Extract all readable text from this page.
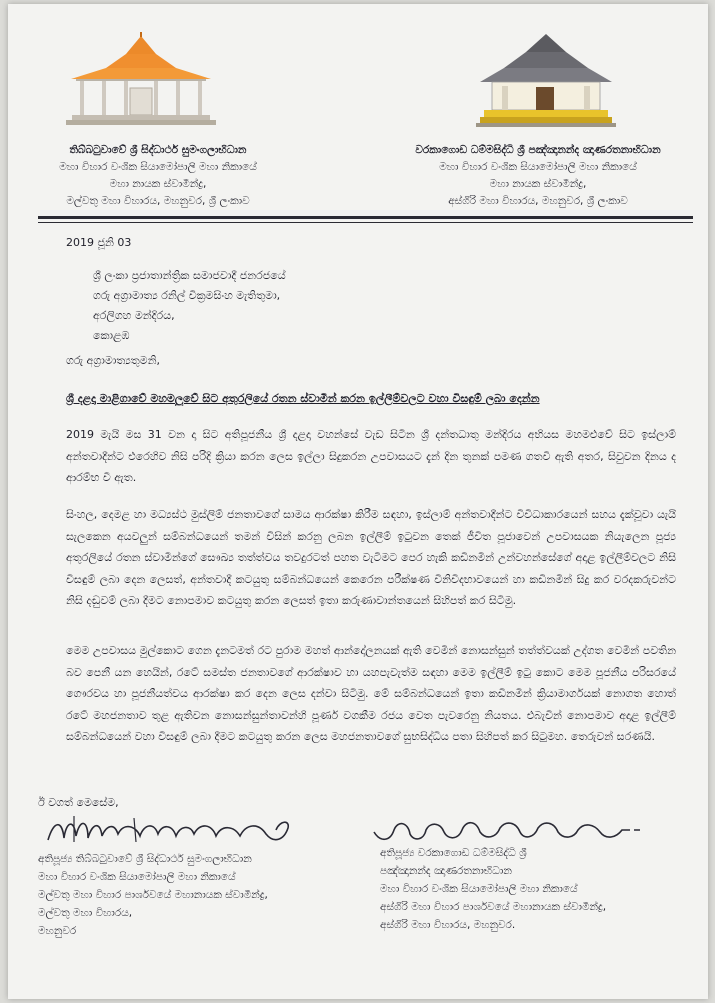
තිබ්බටුවාවේ ශ්‍රී සිද්ධාර්ථ සුමංගලාභිධාන
මහා විහාර වංශික සියාමෝපාලි මහා නිකායේ
මහා නායක ස්වාමීන්ද්‍ර,
මල්වතු මහා විහාරය, මහනුවර, ශ්‍රී ලංකාව
වරකාගොඩ ධම්මසිද්ධි ශ්‍රී පඤ්ඤානන්ද ඤාණරතනාභිධාන
මහා විහාර වංශික සියාමෝපාලි මහා නිකායේ
මහා නායක ස්වාමීන්ද්‍ර,
අස්ගිරි මහා විහාරය, මහනුවර, ශ්‍රී ලංකාව
2019 ජූනි 03
ශ්‍රී ලංකා ප්‍රජාතාන්ත්‍රික සමාජවාදී ජනරජයේ
ගරු අග්‍රාමාත්‍ය රනිල් වික්‍රමසිංහ මැතිතුමා,
අරලිගහ මන්දිරය,
කොළඹ
ගරු අග්‍රාමාත්‍යතුමනි,
ශ්‍රී දළදා මාළිගාවේ මහමලුවේ සිට අතුරලියේ රතන ස්වාමීන් කරන ඉල්ලීම්වලට වහා විසඳුම් ලබා දෙන්න
2019 මැයි මස 31 වන දා සිට අතිපූජනීය ශ්‍රී දළදා වහන්සේ වැඩ සිටින ශ්‍රී දන්තධාතු මන්දිරය අභියස මහමළුවේ සිට ඉස්ලාම් අන්තවාදීන්ට එරෙහිව නිසි පරිදි ක්‍රියා කරන ලෙස ඉල්ලා සිදුකරන උපවාසයට දැන් දින තුනක් පමණ ගතවී ඇති අතර, සිවුවන දිනය ද ආරම්භ වී ඇත.
සිංහල, දෙමළ හා මධ්‍යස්ථ මුස්ලිම් ජනතාවගේ සාමය ආරක්ෂා කිරීම සඳහා, ඉස්ලාම් අන්තවාදීන්ට විවිධාකාරයෙන් සහය දැක්වූවා යැයි සැලකෙන අයවලුන් සම්බන්ධයෙන් තමන් විසින් කරනු ලබන ඉල්ලීම් ඉටුවන තෙක් ජීවිත පූජාවෙන් උපවාසයක නියැලෙන පූජ්‍ය අතුරලියේ රතන ස්වාමීන්ගේ සෞඛ්‍ය තත්ත්වය තවදුරටත් පහත වැටීමට පෙර හැකි කඩිනමින් උන්වහන්සේගේ අදාළ ඉල්ලීම්වලට නිසි විසඳුම් ලබා දෙන ලෙසත්, අන්තවාදී කටයුතු සම්බන්ධයෙන් කෙරෙන පරීක්ෂණ විනිවිදභාවයෙන් හා කඩිනමින් සිදු කර වරදකරුවන්ට නිසි දඬුවම් ලබා දීමට නොපමාව කටයුතු කරන ලෙසත් ඉතා කරුණාවාන්තයෙන් සිහිපත් කර සිටිමු.
මෙම උපවාසය මුල්කොට ගෙන දැනටමත් රට පුරාම මහත් ආන්දෝලනයක් ඇති වෙමින් නොසන්සුන් තත්ත්වයක් උද්ගත වෙමින් පවතින බව පෙනී යන හෙයින්, රටේ සමස්ත ජනතාවගේ ආරක්ෂාව හා යහපැවැත්ම සඳහා මෙම ඉල්ලීම් ඉටු කොට මෙම පූජනීය පරිසරයේ ගෞරවය හා පූජනීයත්වය ආරක්ෂා කර දෙන ලෙස දන්වා සිටිමු. මේ සම්බන්ධයෙන් ඉතා කඩිනමින් ක්‍රියාමාර්ගයක් නොගත හොත් රටේ මහජනතාව තුළ ඇතිවන නොසන්සුන්තාවන්හි පූර්ණ වගකීම රජය වෙත පැවරෙනු නියතය. එබැවින් නොපමාව අදාළ ඉල්ලීම් සම්බන්ධයෙන් වහා විසඳුම් ලබා දීමට කටයුතු කරන ලෙස මහජනතාවගේ සුභසිද්ධිය පතා සිහිපත් කර සිටුමහ. තෙරුවන් සරණයි.
ඊ වගත් මෙසේම,
අතිපූජ්‍ය තිබ්බටුවාවේ ශ්‍රී සිද්ධාර්ථ සුමංගලාභිධාන
මහා විහාර වංශික සියාමෝපාලි මහා නිකායේ
මල්වතු මහා විහාර පාර්ශවයේ මහානායක ස්වාමීන්ද්‍ර,
මල්වතු මහා විහාරය,
මහනුවර
අතිපූජ්‍ය වරකාගොඩ ධම්මසිද්ධි ශ්‍රී
පඤ්ඤානන්ද ඤාණරතනාභිධාන
මහා විහාර වංශික සියාමෝපාලි මහා නිකායේ
අස්ගිරි මහා විහාර පාර්ශවයේ මහානායක ස්වාමීන්ද්‍ර,
අස්ගිරි මහා විහාරය, මහනුවර.
